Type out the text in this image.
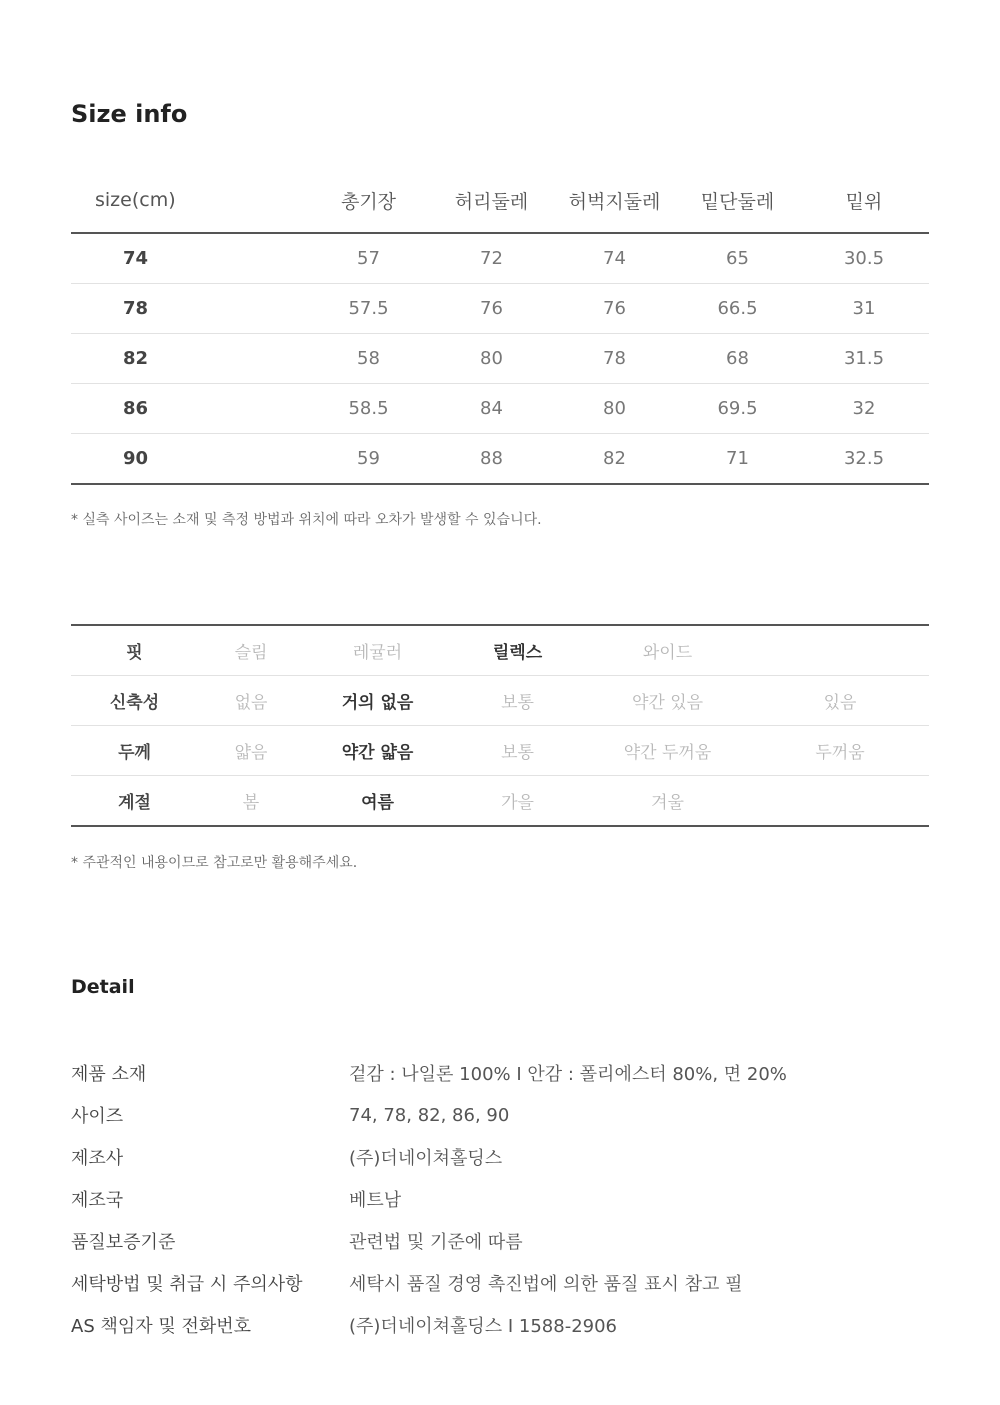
Size info
size(cm)	총기장	허리둘레	허벅지둘레	밑단둘레	밑위
74	57	72	74	65	30.5
78	57.5	76	76	66.5	31
82	58	80	78	68	31.5
86	58.5	84	80	69.5	32
90	59	88	82	71	32.5

* 실측 사이즈는 소재 및 측정 방법과 위치에 따라 오차가 발생할 수 있습니다.

핏	슬림	레귤러	릴렉스	와이드	
신축성	없음	거의 없음	보통	약간 있음	있음
두께	얇음	약간 얇음	보통	약간 두꺼움	두꺼움
계절	봄	여름	가을	겨울	

* 주관적인 내용이므로 참고로만 활용해주세요.

Detail
제품 소재	겉감 : 나일론 100% I 안감 : 폴리에스터 80%, 면 20%
사이즈	74, 78, 82, 86, 90
제조사	(주)더네이쳐홀딩스
제조국	베트남
품질보증기준	관련법 및 기준에 따름
세탁방법 및 취급 시 주의사항	세탁시 품질 경영 촉진법에 의한 품질 표시 참고 필
AS 책임자 및 전화번호	(주)더네이쳐홀딩스 I 1588-2906
